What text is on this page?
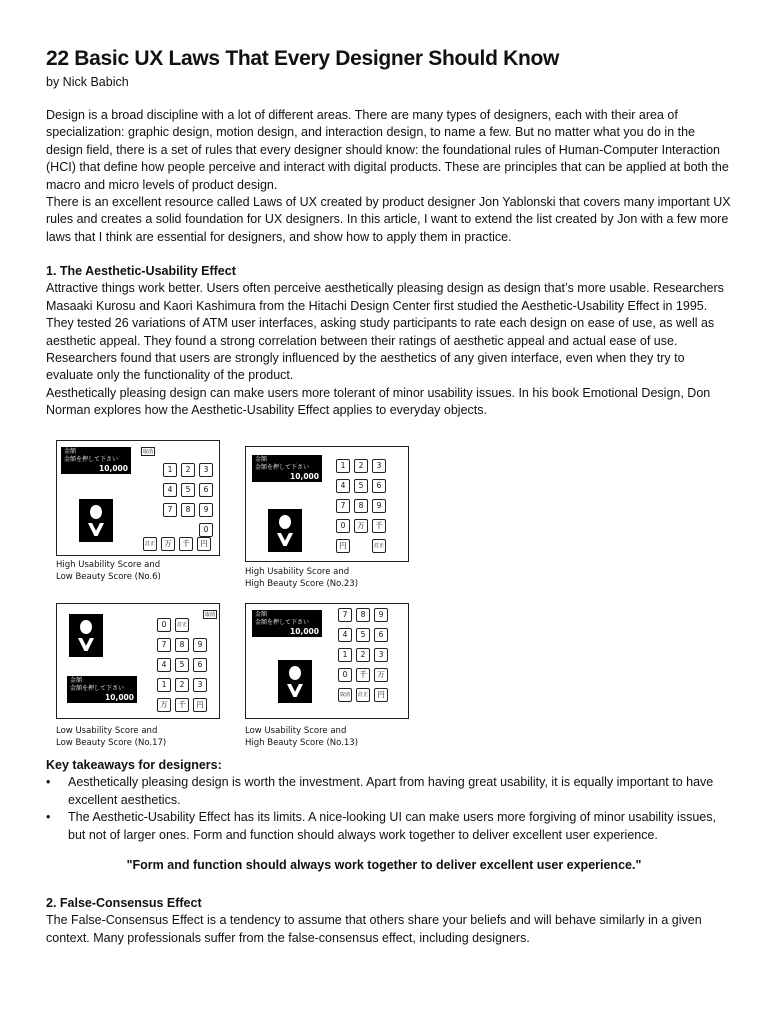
22 Basic UX Laws That Every Designer Should Know
by Nick Babich

Design is a broad discipline with a lot of different areas. There are many types of designers, each with their area of specialization: graphic design, motion design, and interaction design, to name a few. But no matter what you do in the design field, there is a set of rules that every designer should know: the foundational rules of Human-Computer Interaction (HCI) that define how people perceive and interact with digital products. These are principles that can be applied at both the macro and micro levels of product design.

There is an excellent resource called Laws of UX created by product designer Jon Yablonski that covers many important UX rules and creates a solid foundation for UX designers. In this article, I want to extend the list created by Jon with a few more laws that I think are essential for designers, and show how to apply them in practice.

1. The Aesthetic-Usability Effect

Attractive things work better. Users often perceive aesthetically pleasing design as design that’s more usable. Researchers Masaaki Kurosu and Kaori Kashimura from the Hitachi Design Center first studied the Aesthetic-Usability Effect in 1995. They tested 26 variations of ATM user interfaces, asking study participants to rate each design on ease of use, as well as aesthetic appeal. They found a strong correlation between their ratings of aesthetic appeal and actual ease of use. Researchers found that users are strongly influenced by the aesthetics of any given interface, even when they try to evaluate only the functionality of the product.

Aesthetically pleasing design can make users more tolerant of minor usability issues. In his book Emotional Design, Don Norman explores how the Aesthetic-Usability Effect applies to everyday objects.

金額
金額を押して下さい
10,000
取消
1	2	3
4	5	6
7	8	9
0
訂正	万	千	円
High Usability Score and
Low Beauty Score (No.6)
金額
金額を押して下さい
10,000
1	2	3
4	5	6
7	8	9
0	万	千
円	訂正
High Usability Score and
High Beauty Score (No.23)
金額
金額を押して下さい
10,000
取消
0	訂正
7	8	9
4	5	6
1	2	3
万	千	円
Low Usability Score and
Low Beauty Score (No.17)
金額
金額を押して下さい
10,000
7	8	9
4	5	6
1	2	3
0	千	万
取消	訂正	円
Low Usability Score and
High Beauty Score (No.13)

Key takeaways for designers:

• Aesthetically pleasing design is worth the investment. Apart from having great usability, it is equally important to have excellent aesthetics.
• The Aesthetic-Usability Effect has its limits. A nice-looking UI can make users more forgiving of minor usability issues, but not of larger ones. Form and function should always work together to deliver excellent user experience.
"Form and function should always work together to deliver excellent user experience."

2. False-Consensus Effect

The False-Consensus Effect is a tendency to assume that others share your beliefs and will behave similarly in a given context. Many professionals suffer from the false-consensus effect, including designers.
